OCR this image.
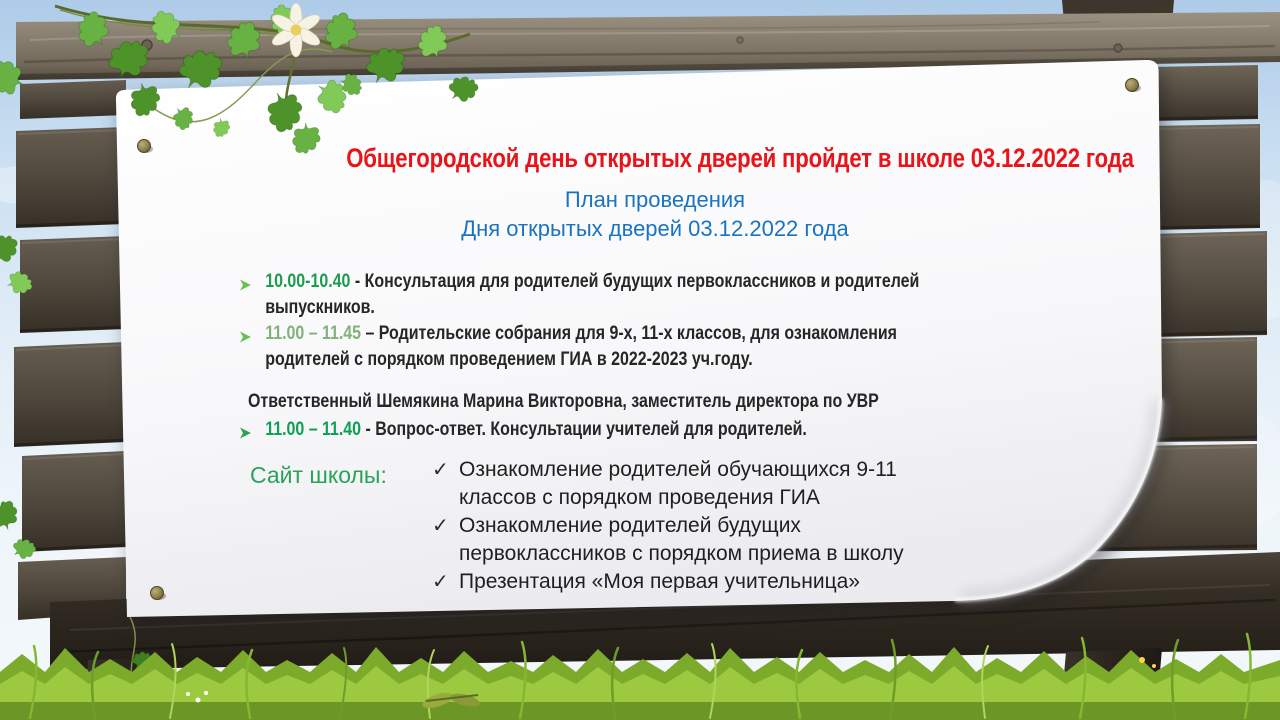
Общегородской день открытых дверей пройдет в школе 03.12.2022 года
План проведения
Дня открытых дверей 03.12.2022 года
10.00-10.40 - Консультация для родителей будущих первоклассников и родителей
выпускников.
11.00 – 11.45 – Родительские собрания для 9-х, 11-х классов, для ознакомления
родителей с порядком проведением ГИА в 2022-2023 уч.году.
Ответственный Шемякина Марина Викторовна, заместитель директора по УВР
11.00 – 11.40 - Вопрос-ответ. Консультации учителей для родителей.
Сайт школы: ✓ Ознакомление родителей обучающихся 9-11
классов с порядком проведения ГИА
✓ Ознакомление родителей будущих
первоклассников с порядком приема в школу
✓ Презентация «Моя первая учительница»
